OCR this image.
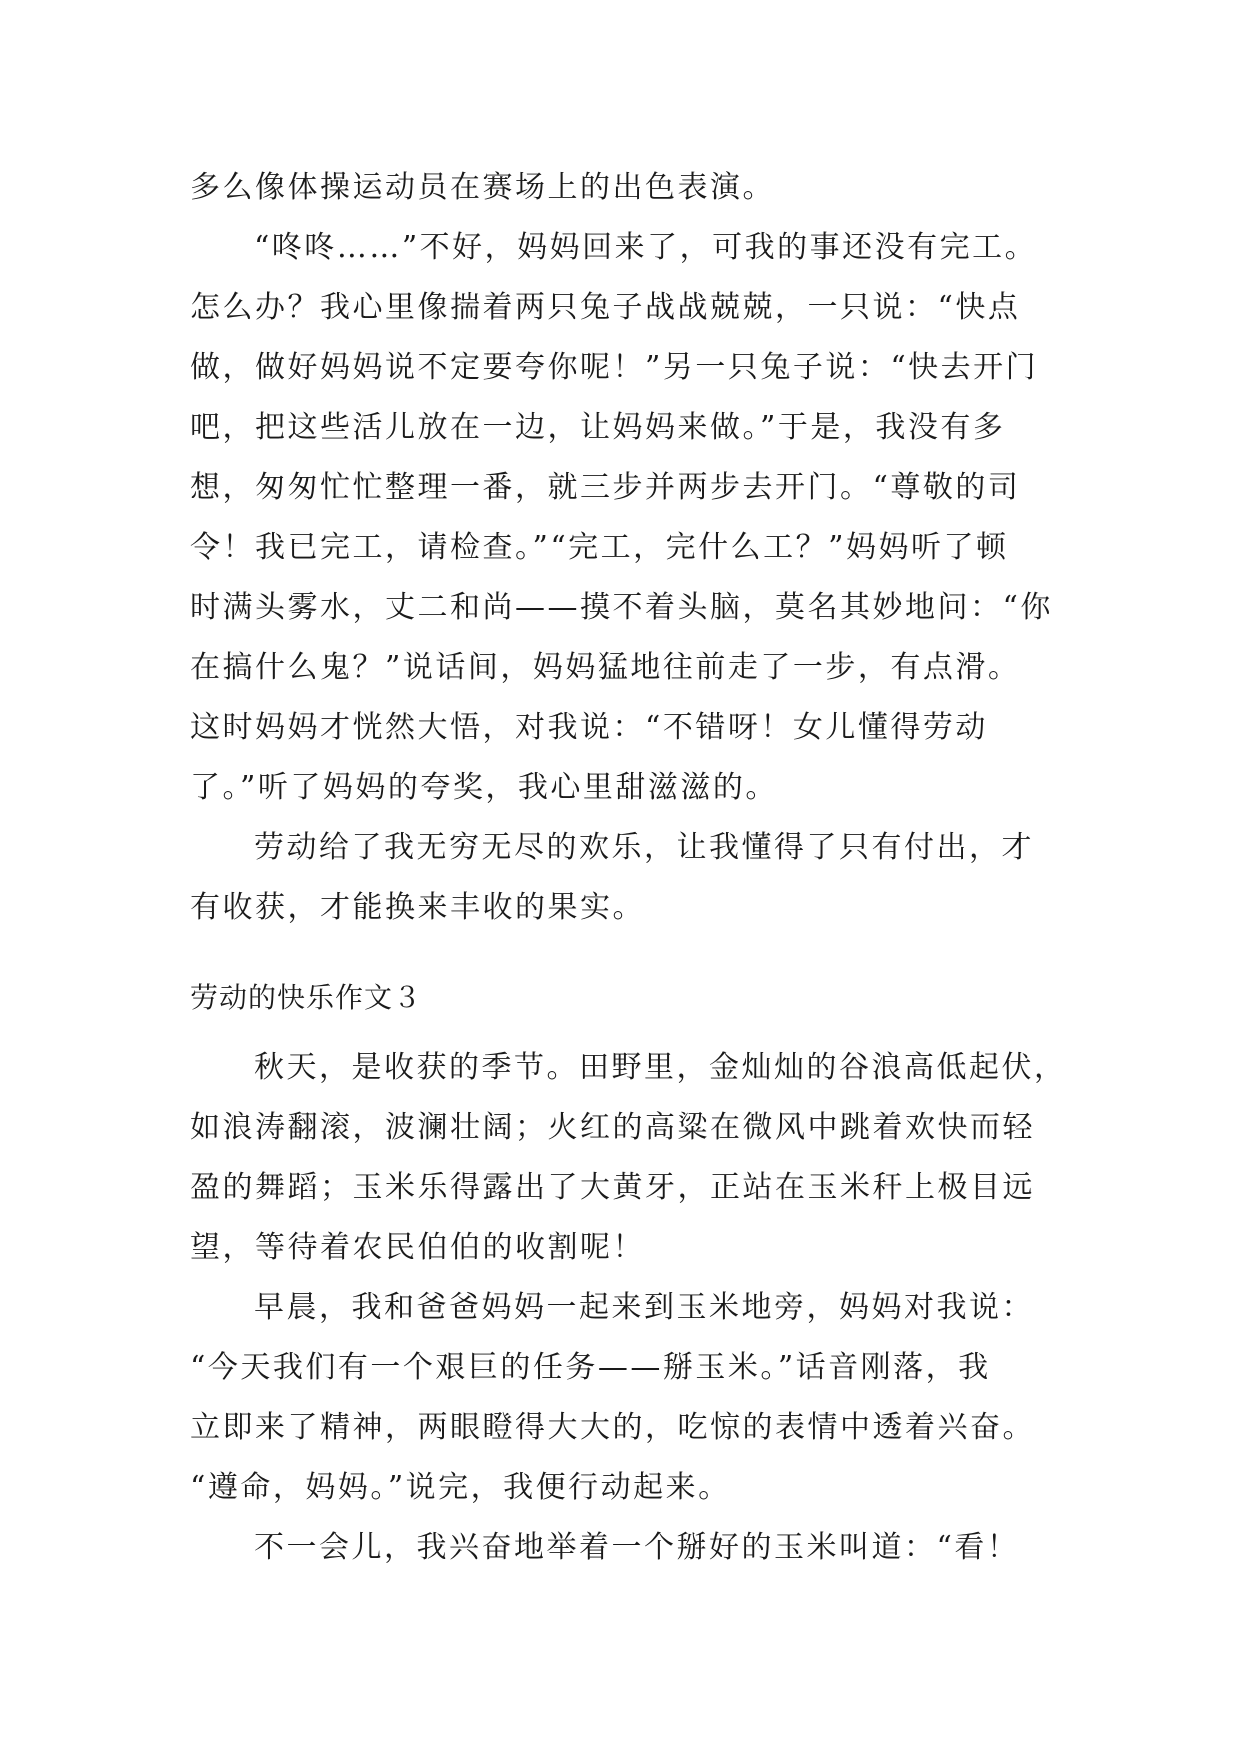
多么像体操运动员在赛场上的出色表演。
“咚咚……”不好，妈妈回来了，可我的事还没有完工。
怎么办？我心里像揣着两只兔子战战兢兢，一只说：“快点
做，做好妈妈说不定要夸你呢！”另一只兔子说：“快去开门
吧，把这些活儿放在一边，让妈妈来做。”于是，我没有多
想，匆匆忙忙整理一番，就三步并两步去开门。“尊敬的司
令！我已完工，请检查。”“完工，完什么工？”妈妈听了顿
时满头雾水，丈二和尚——摸不着头脑，莫名其妙地问：“你
在搞什么鬼？”说话间，妈妈猛地往前走了一步，有点滑。
这时妈妈才恍然大悟，对我说：“不错呀！女儿懂得劳动
了。”听了妈妈的夸奖，我心里甜滋滋的。
劳动给了我无穷无尽的欢乐，让我懂得了只有付出，才
有收获，才能换来丰收的果实。
劳动的快乐作文３
秋天，是收获的季节。田野里，金灿灿的谷浪高低起伏，
如浪涛翻滚，波澜壮阔；火红的高粱在微风中跳着欢快而轻
盈的舞蹈；玉米乐得露出了大黄牙，正站在玉米秆上极目远
望，等待着农民伯伯的收割呢！
早晨，我和爸爸妈妈一起来到玉米地旁，妈妈对我说：
“今天我们有一个艰巨的任务——掰玉米。”话音刚落，我
立即来了精神，两眼瞪得大大的，吃惊的表情中透着兴奋。
“遵命，妈妈。”说完，我便行动起来。
不一会儿，我兴奋地举着一个掰好的玉米叫道：“看！
